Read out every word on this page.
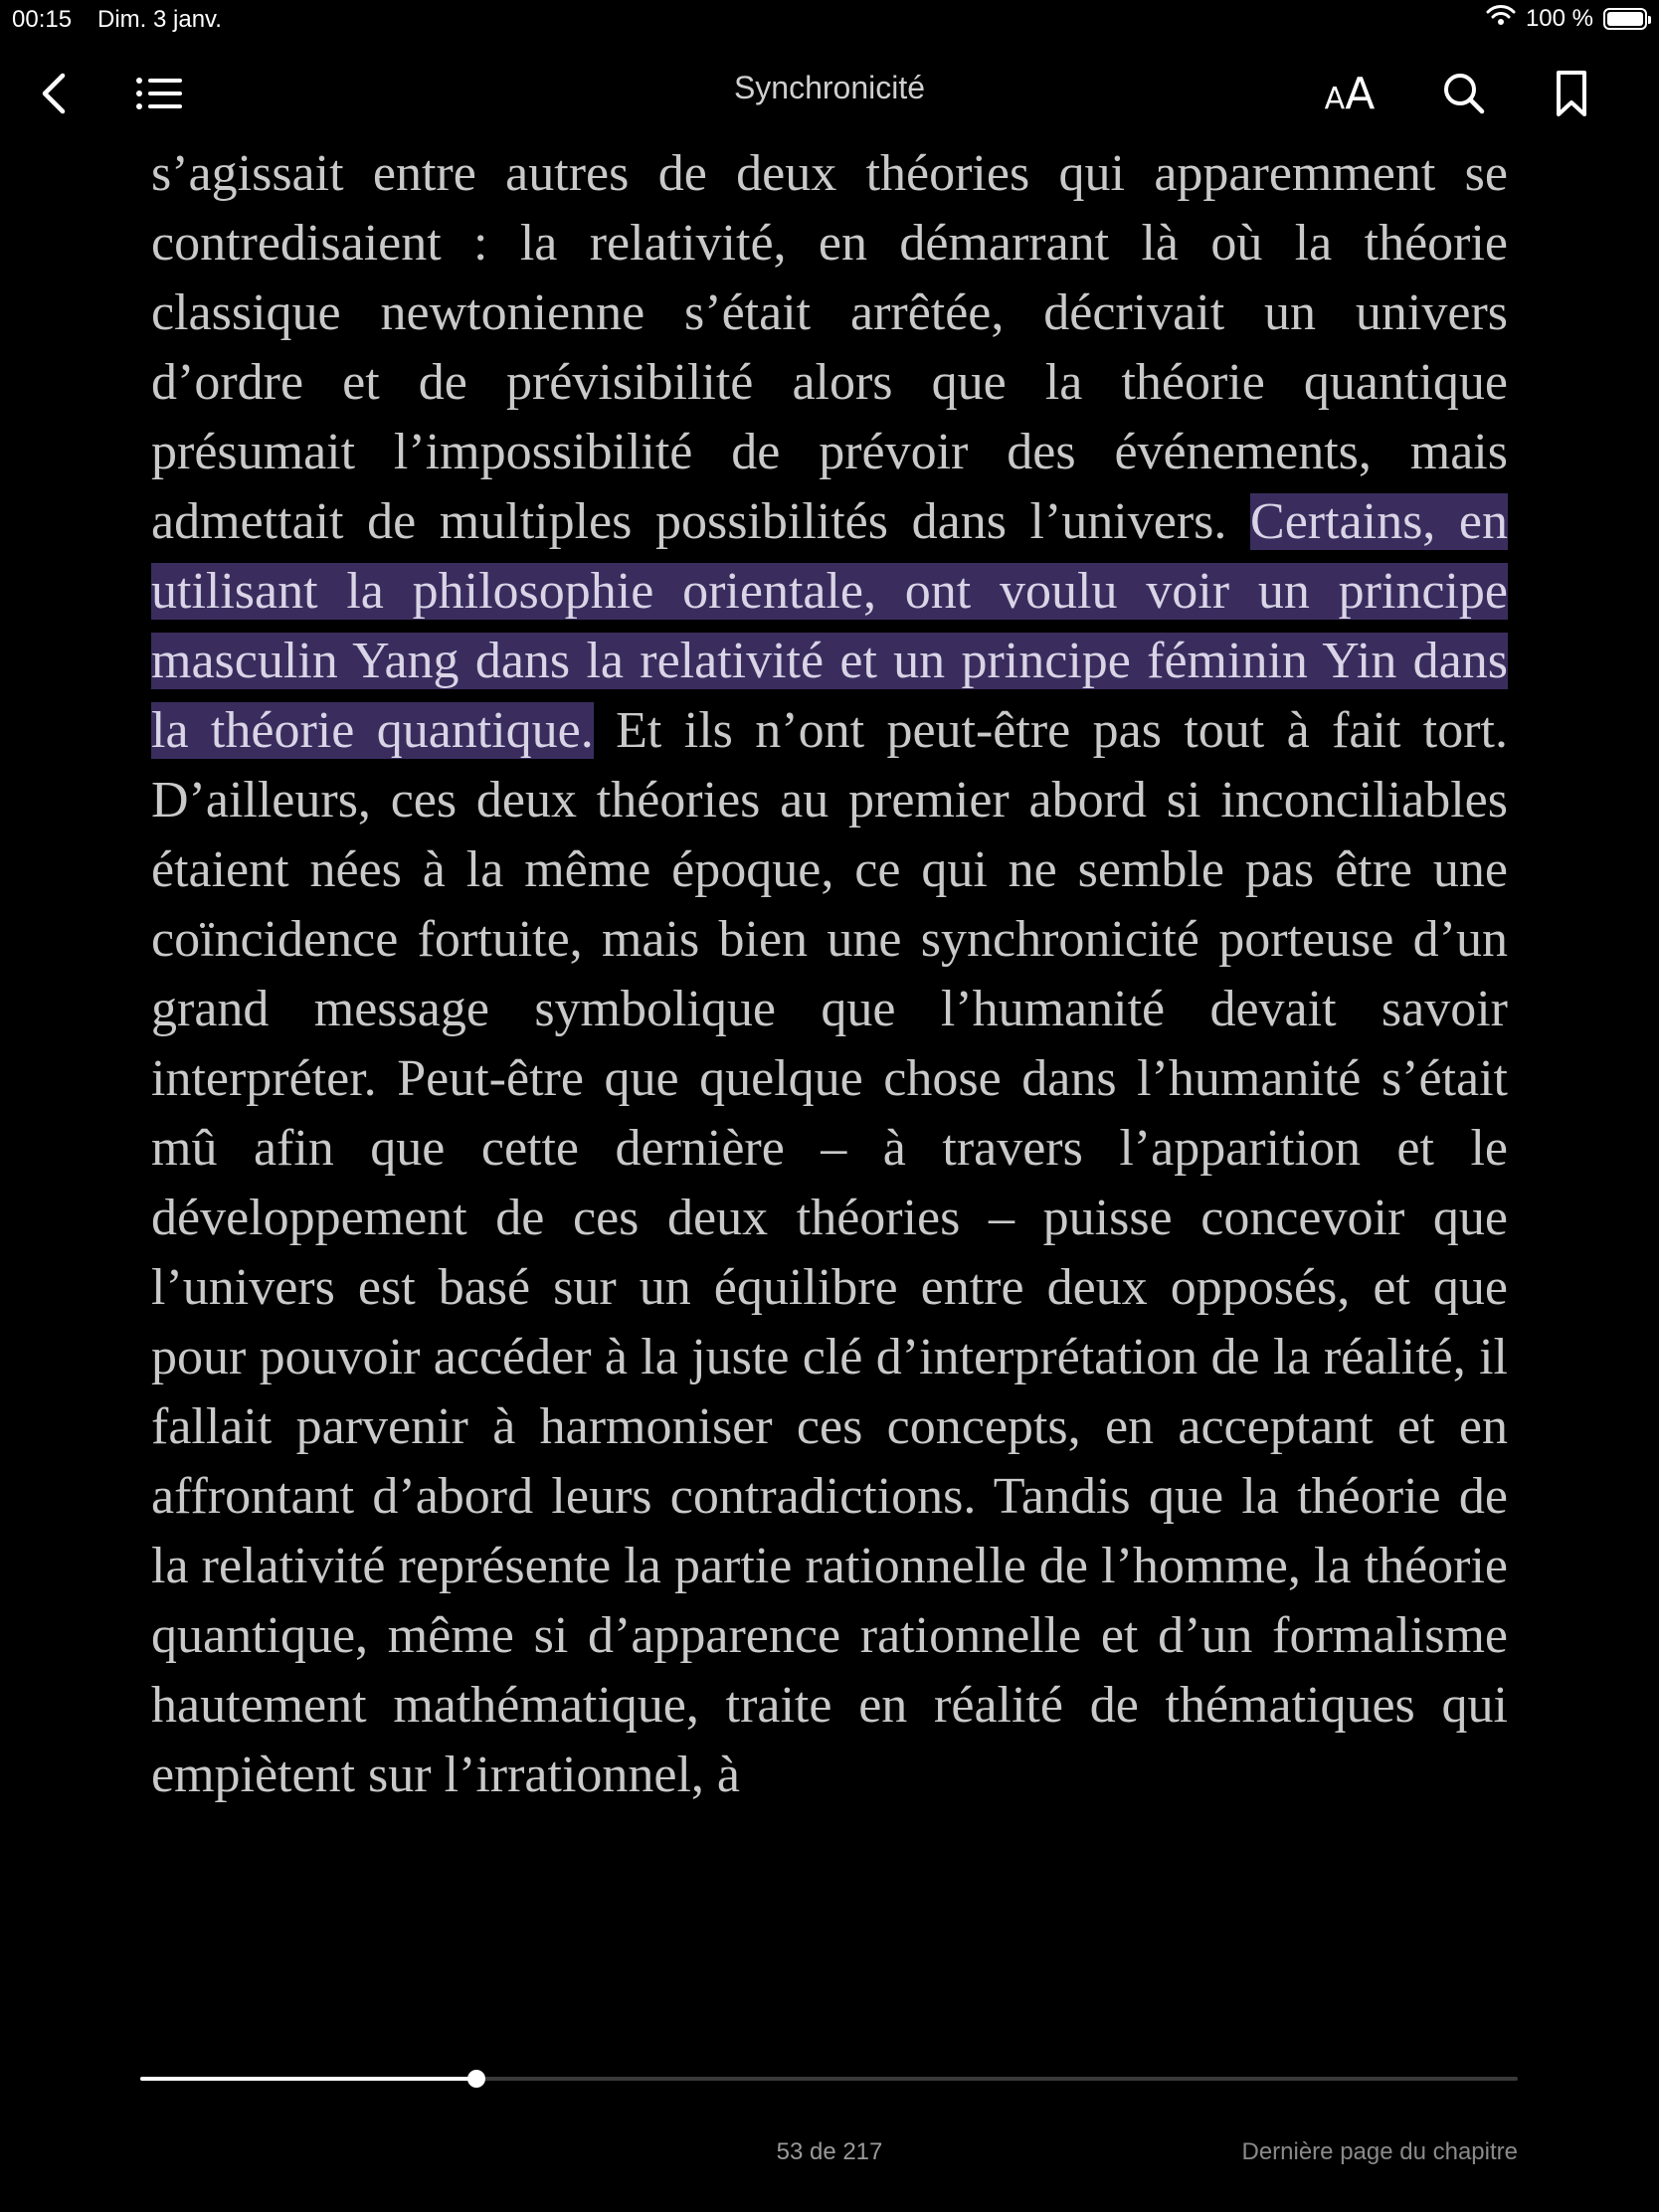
00:15 Dim. 3 janv.	100 %
Synchronicité	AA

s’agissait entre autres de deux théories qui apparemment se contredisaient : la relativité, en démarrant là où la théorie classique newtonienne s’était arrêtée, décrivait un univers d’ordre et de prévisibilité alors que la théorie quantique présumait l’impossibilité de prévoir des événements, mais admettait de multiples possibilités dans l’univers. Certains, en utilisant la philosophie orientale, ont voulu voir un principe masculin Yang dans la relativité et un principe féminin Yin dans la théorie quantique. Et ils n’ont peut-être pas tout à fait tort. D’ailleurs, ces deux théories au premier abord si inconciliables étaient nées à la même époque, ce qui ne semble pas être une coïncidence fortuite, mais bien une synchronicité porteuse d’un grand message symbolique que l’humanité devait savoir interpréter. Peut-être que quelque chose dans l’humanité s’était mû afin que cette dernière – à travers l’apparition et le développement de ces deux théories – puisse concevoir que l’univers est basé sur un équilibre entre deux opposés, et que pour pouvoir accéder à la juste clé d’interprétation de la réalité, il fallait parvenir à harmoniser ces concepts, en acceptant et en affrontant d’abord leurs contradictions. Tandis que la théorie de la relativité représente la partie rationnelle de l’homme, la théorie quantique, même si d’apparence rationnelle et d’un formalisme hautement mathématique, traite en réalité de thématiques qui empiètent sur l’irrationnel, à

53 de 217	Dernière page du chapitre
